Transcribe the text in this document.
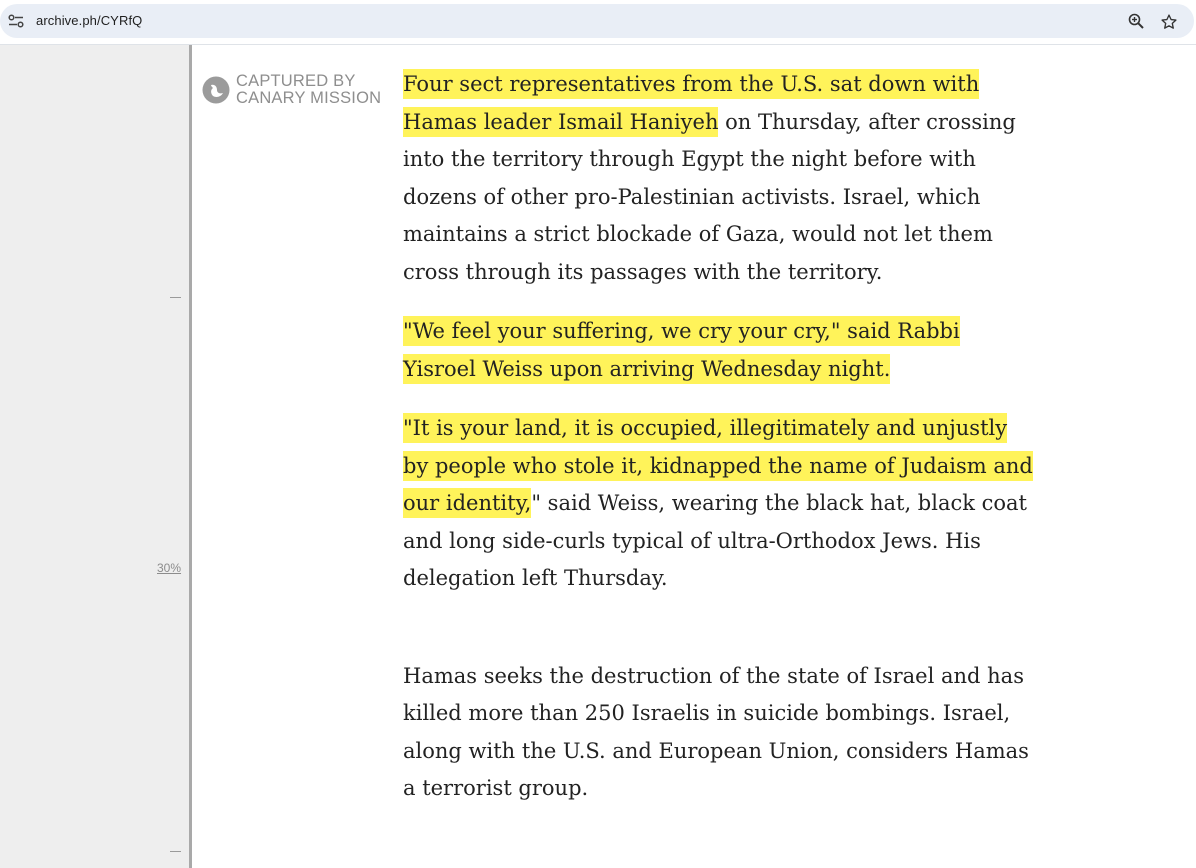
archive.ph/CYRfQ
30%
CAPTURED BY
CANARY MISSION

Four sect representatives from the U.S. sat down with Hamas leader Ismail Haniyeh on Thursday, after crossing into the territory through Egypt the night before with dozens of other pro-Palestinian activists. Israel, which maintains a strict blockade of Gaza, would not let them cross through its passages with the territory.

"We feel your suffering, we cry your cry," said Rabbi Yisroel Weiss upon arriving Wednesday night.

"It is your land, it is occupied, illegitimately and unjustly by people who stole it, kidnapped the name of Judaism and our identity," said Weiss, wearing the black hat, black coat and long side-curls typical of ultra-Orthodox Jews. His delegation left Thursday.

Hamas seeks the destruction of the state of Israel and has killed more than 250 Israelis in suicide bombings. Israel, along with the U.S. and European Union, considers Hamas a terrorist group.
